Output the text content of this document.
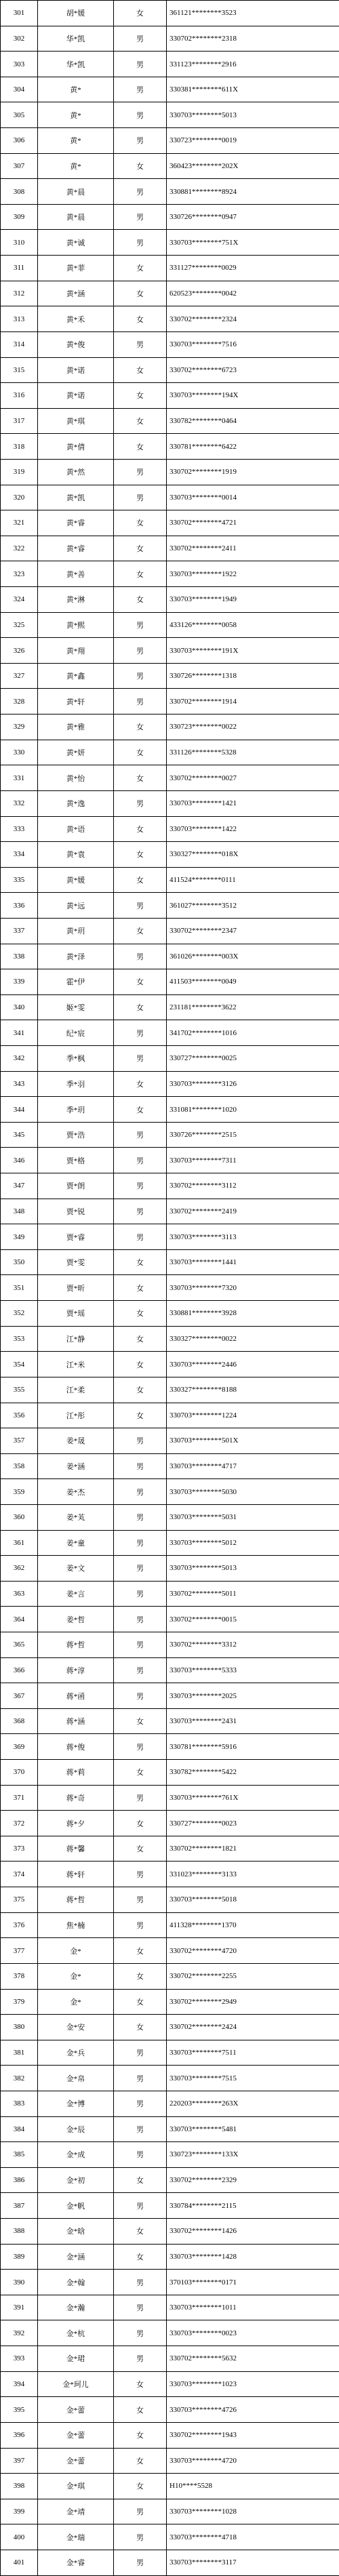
301	胡*媛	女	361121********3523
302	华*凯	男	330702********2318
303	华*凯	男	331123********2916
304	黄*	男	330381********611X
305	黄*	男	330703********5013
306	黄*	男	330723********0019
307	黄*	女	360423********202X
308	黄*晨	男	330881********8924
309	黄*晨	男	330726********0947
310	黄*诚	男	330703********751X
311	黄*菲	女	331127********0029
312	黄*涵	女	620523********0042
313	黄*禾	女	330702********2324
314	黄*俊	男	330703********7516
315	黄*诺	女	330702********6723
316	黄*诺	女	330703********194X
317	黄*琪	女	330782********0464
318	黄*倩	女	330781********6422
319	黄*然	男	330702********1919
320	黄*凯	男	330703********0014
321	黄*睿	女	330702********4721
322	黄*睿	女	330702********2411
323	黄*善	女	330703********1922
324	黄*淋	女	330703********1949
325	黄*熙	男	433126********0058
326	黄*翔	男	330703********191X
327	黄*鑫	男	330726********1318
328	黄*轩	男	330702********1914
329	黄*雅	女	330723********0022
330	黄*妍	女	331126********5328
331	黄*怡	女	330702********0027
332	黄*逸	男	330703********1421
333	黄*语	女	330703********1422
334	黄*袁	女	330327********018X
335	黄*媛	女	411524********0111
336	黄*远	男	361027********3512
337	黄*玥	女	330702********2347
338	黄*泽	男	361026********003X
339	霍*伊	女	411503********0049
340	姬*雯	女	231181********3622
341	纪*宸	男	341702********1016
342	季*枫	男	330727********0025
343	季*羽	女	330703********3126
344	季*玥	女	331081********1020
345	贾*浩	男	330726********2515
346	贾*格	男	330703********7311
347	贾*朗	男	330702********3112
348	贾*锐	男	330702********2419
349	贾*睿	男	330703********3113
350	贾*雯	女	330703********1441
351	贾*昕	女	330703********7320
352	贾*瑶	女	330881********3928
353	江*静	女	330327********0022
354	江*米	女	330703********2446
355	江*柔	女	330327********8188
356	江*彤	女	330703********1224
357	姜*晟	男	330703********501X
358	姜*涵	男	330703********4717
359	姜*杰	男	330703********5030
360	姜*芄	男	330703********5031
361	姜*童	男	330703********5012
362	姜*文	男	330703********5013
363	姜*言	男	330702********5011
364	姜*哲	男	330702********0015
365	蒋*哲	男	330702********3312
366	蒋*淳	男	330703********5333
367	蒋*函	男	330703********2025
368	蒋*涵	女	330703********2431
369	蒋*俊	男	330781********5916
370	蒋*莉	女	330782********5422
371	蒋*奇	男	330703********761X
372	蒋*夕	女	330727********0023
373	蒋*馨	女	330702********1821
374	蒋*轩	男	331023********3133
375	蒋*哲	男	330703********5018
376	焦*楠	男	411328********1370
377	金*	女	330702********4720
378	金*	女	330702********2255
379	金*	女	330702********2949
380	金*安	女	330702********2424
381	金*兵	男	330703********7511
382	金*帛	男	330703********7515
383	金*博	男	220203********263X
384	金*辰	男	330703********5481
385	金*成	男	330723********133X
386	金*初	女	330702********2329
387	金*帆	男	330784********2115
388	金*晗	女	330702********1426
389	金*涵	女	330703********1428
390	金*翰	男	370103********0171
391	金*瀚	男	330703********1011
392	金*杭	男	330703********0023
393	金*珺	男	330702********5632
394	金*珂儿	女	330703********1023
395	金*蕾	女	330703********4726
396	金*蕾	女	330702********1943
397	金*蕾	女	330703********4720
398	金*琪	女	H10****5528
399	金*靖	男	330703********1028
400	金*瑞	男	330703********4718
401	金*睿	男	330703********3117
